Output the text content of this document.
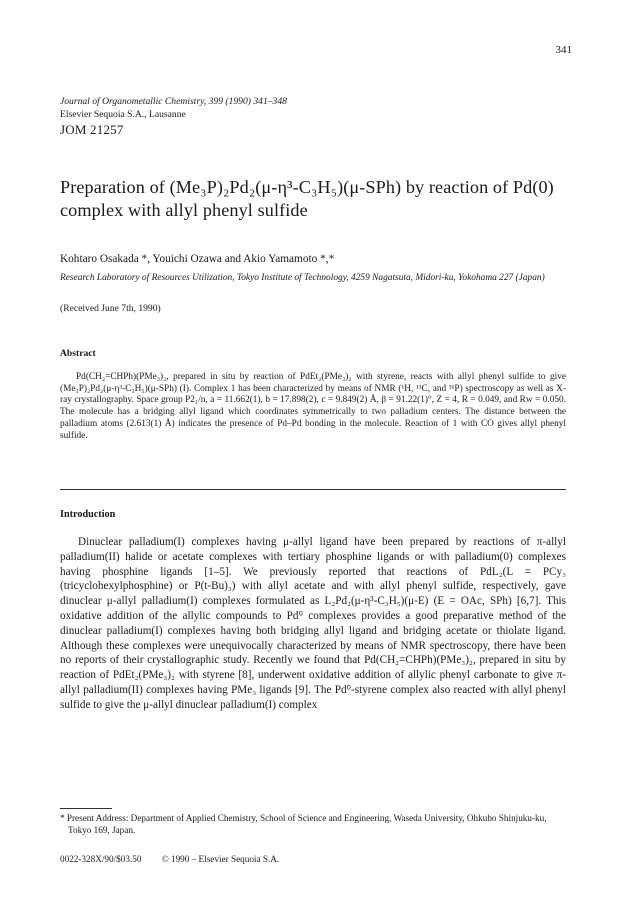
341
Journal of Organometallic Chemistry, 399 (1990) 341–348
Elsevier Sequoia S.A., Lausanne
JOM 21257
Preparation of (Me₃P)₂Pd₂(μ-η³-C₃H₅)(μ-SPh) by reaction of Pd(0) complex with allyl phenyl sulfide
Kohtaro Osakada *, Youichi Ozawa and Akio Yamamoto *,*
Research Laboratory of Resources Utilization, Tokyo Institute of Technology, 4259 Nagatsuta, Midori-ku, Yokohama 227 (Japan)
(Received June 7th, 1990)
Abstract
Pd(CH₂=CHPh)(PMe₃)₂, prepared in situ by reaction of PdEt₂(PMe₃)₂ with styrene, reacts with allyl phenyl sulfide to give (Me₃P)₂Pd₂(μ-η³-C₃H₅)(μ-SPh) (I). Complex 1 has been characterized by means of NMR (¹H, ¹³C, and ³¹P) spectroscopy as well as X-ray crystallography. Space group P2₁/n, a = 11.662(1), b = 17.898(2), c = 9.849(2) Å, β = 91.22(1)°, Z = 4, R = 0.049, and Rw = 0.050. The molecule has a bridging allyl ligand which coordinates symmetrically to two palladium centers. The distance between the palladium atoms (2.613(1) Å) indicates the presence of Pd–Pd bonding in the molecule. Reaction of 1 with CO gives allyl phenyl sulfide.
Introduction
Dinuclear palladium(I) complexes having μ-allyl ligand have been prepared by reactions of π-allyl palladium(II) halide or acetate complexes with tertiary phosphine ligands or with palladium(0) complexes having phosphine ligands [1–5]. We previously reported that reactions of PdL₂(L = PCy₃ (tricyclohexylphosphine) or P(t-Bu)₃) with allyl acetate and with allyl phenyl sulfide, respectively, gave dinuclear μ-allyl palladium(I) complexes formulated as L₂Pd₂(μ-η³-C₃H₅)(μ-E) (E = OAc, SPh) [6,7]. This oxidative addition of the allylic compounds to Pd⁰ complexes provides a good preparative method of the dinuclear palladium(I) complexes having both bridging allyl ligand and bridging acetate or thiolate ligand. Although these complexes were unequivocally characterized by means of NMR spectroscopy, there have been no reports of their crystallographic study. Recently we found that Pd(CH₂=CHPh)(PMe₃)₂, prepared in situ by reaction of PdEt₂(PMe₃)₂ with styrene [8], underwent oxidative addition of allylic phenyl carbonate to give π-allyl palladium(II) complexes having PMe₃ ligands [9]. The Pd⁰-styrene complex also reacted with allyl phenyl sulfide to give the μ-allyl dinuclear palladium(I) complex
* Present Address: Department of Applied Chemistry, School of Science and Engineering, Waseda University, Ohkubo Shinjuku-ku, Tokyo 169, Japan.
0022-328X/90/$03.50 © 1990 – Elsevier Sequoia S.A.
